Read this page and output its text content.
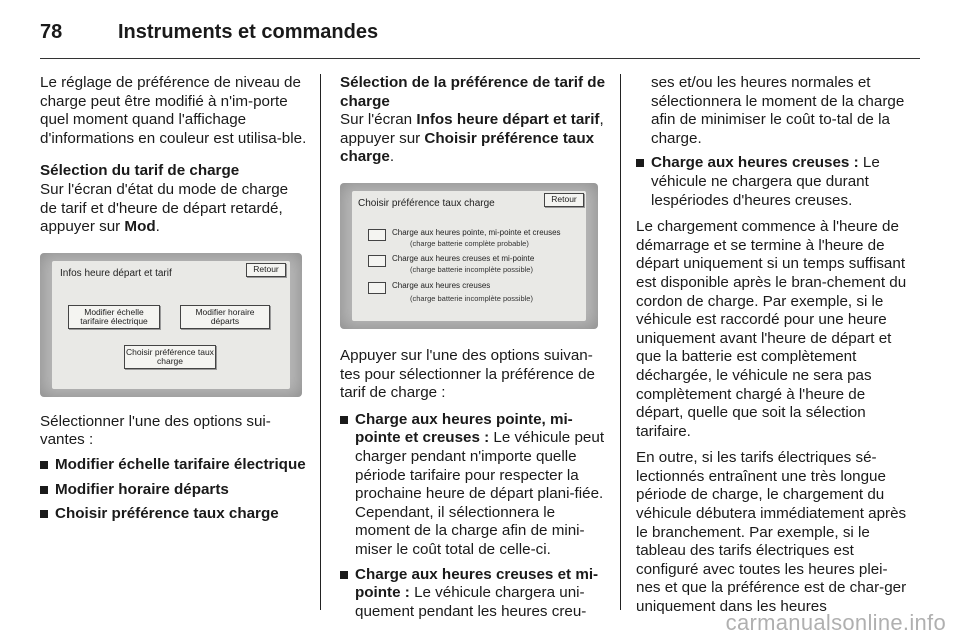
78	Instruments et commandes

Le réglage de préférence de niveau de charge peut être modifié à n'im-porte quel moment quand l'affichage d'informations en couleur est utilisa-ble.

Sélection du tarif de charge
Sur l'écran d'état du mode de charge de tarif et d'heure de départ retardé, appuyer sur Mod.

Infos heure départ et tarif	Retour
Modifier échelle
tarifaire électrique
Modifier horaire
départs
Choisir préférence taux
charge

Sélectionner l'une des options sui-vantes :

Modifier échelle tarifaire électrique
Modifier horaire départs
Choisir préférence taux charge

Sélection de la préférence de tarif de charge
Sur l'écran Infos heure départ et tarif, appuyer sur Choisir préférence taux charge.

Choisir préférence taux charge	Retour
Charge aux heures pointe, mi-pointe et creuses
(charge batterie complète probable)
Charge aux heures creuses et mi-pointe
(charge batterie incomplète possible)
Charge aux heures creuses
(charge batterie incomplète possible)

Appuyer sur l'une des options suivan-tes pour sélectionner la préférence de tarif de charge :

Charge aux heures pointe, mi-pointe et creuses : Le véhicule peut charger pendant n'importe quelle période tarifaire pour respecter la prochaine heure de départ plani-fiée. Cependant, il sélectionnera le moment de la charge afin de mini-miser le coût total de celle-ci.
Charge aux heures creuses et mi-pointe : Le véhicule chargera uni-quement pendant les heures creu-

ses et/ou les heures normales et sélectionnera le moment de la charge afin de minimiser le coût to-tal de la charge.

Charge aux heures creuses : Le véhicule ne chargera que durant lespériodes d'heures creuses.

Le chargement commence à l'heure de démarrage et se termine à l'heure de départ uniquement si un temps suffisant est disponible après le bran-chement du cordon de charge. Par exemple, si le véhicule est raccordé pour une heure uniquement avant l'heure de départ et que la batterie est complètement déchargée, le véhicule ne sera pas complètement chargé à l'heure de départ, quelle que soit la sélection tarifaire.

En outre, si les tarifs électriques sé-lectionnés entraînent une très longue période de charge, le chargement du véhicule débutera immédiatement après le branchement. Par exemple, si le tableau des tarifs électriques est configuré avec toutes les heures plei-nes et que la préférence est de char-ger uniquement dans les heures

carmanualsonline.info
